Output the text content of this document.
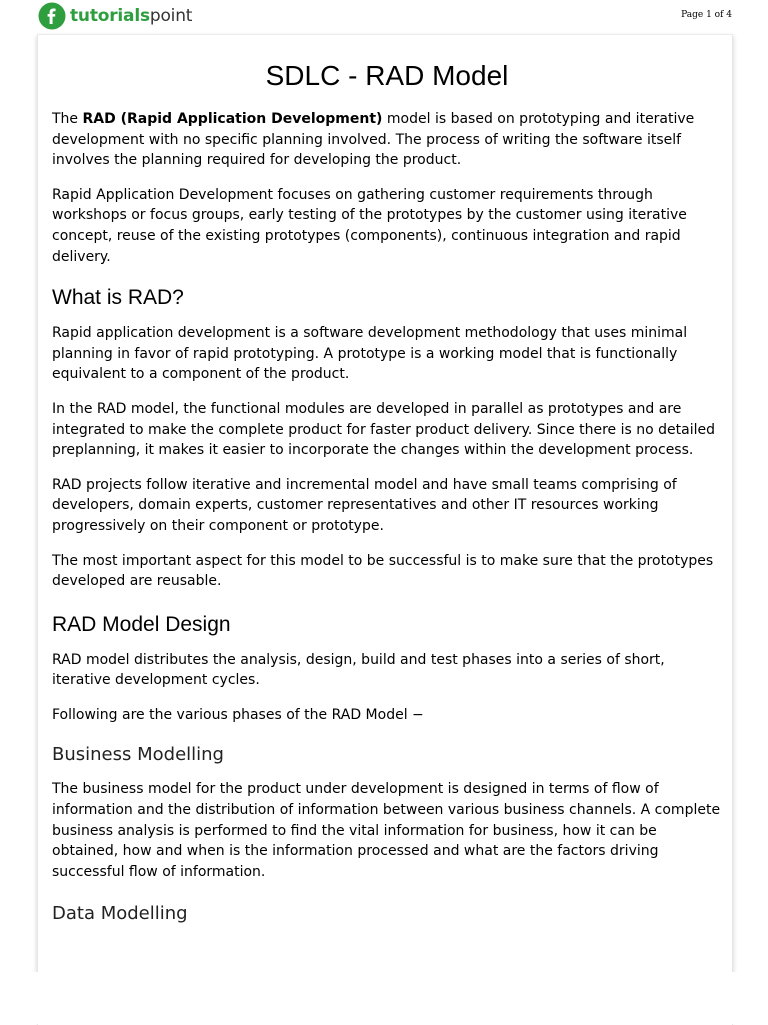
tutorialspoint	Page 1 of 4
SDLC - RAD Model

The RAD (Rapid Application Development) model is based on prototyping and iterative development with no specific planning involved. The process of writing the software itself involves the planning required for developing the product.

Rapid Application Development focuses on gathering customer requirements through workshops or focus groups, early testing of the prototypes by the customer using iterative concept, reuse of the existing prototypes (components), continuous integration and rapid delivery.

What is RAD?

Rapid application development is a software development methodology that uses minimal planning in favor of rapid prototyping. A prototype is a working model that is functionally equivalent to a component of the product.

In the RAD model, the functional modules are developed in parallel as prototypes and are integrated to make the complete product for faster product delivery. Since there is no detailed preplanning, it makes it easier to incorporate the changes within the development process.

RAD projects follow iterative and incremental model and have small teams comprising of developers, domain experts, customer representatives and other IT resources working progressively on their component or prototype.

The most important aspect for this model to be successful is to make sure that the prototypes developed are reusable.

RAD Model Design

RAD model distributes the analysis, design, build and test phases into a series of short, iterative development cycles.

Following are the various phases of the RAD Model −

Business Modelling

The business model for the product under development is designed in terms of flow of information and the distribution of information between various business channels. A complete business analysis is performed to find the vital information for business, how it can be obtained, how and when is the information processed and what are the factors driving successful flow of information.

Data Modelling
